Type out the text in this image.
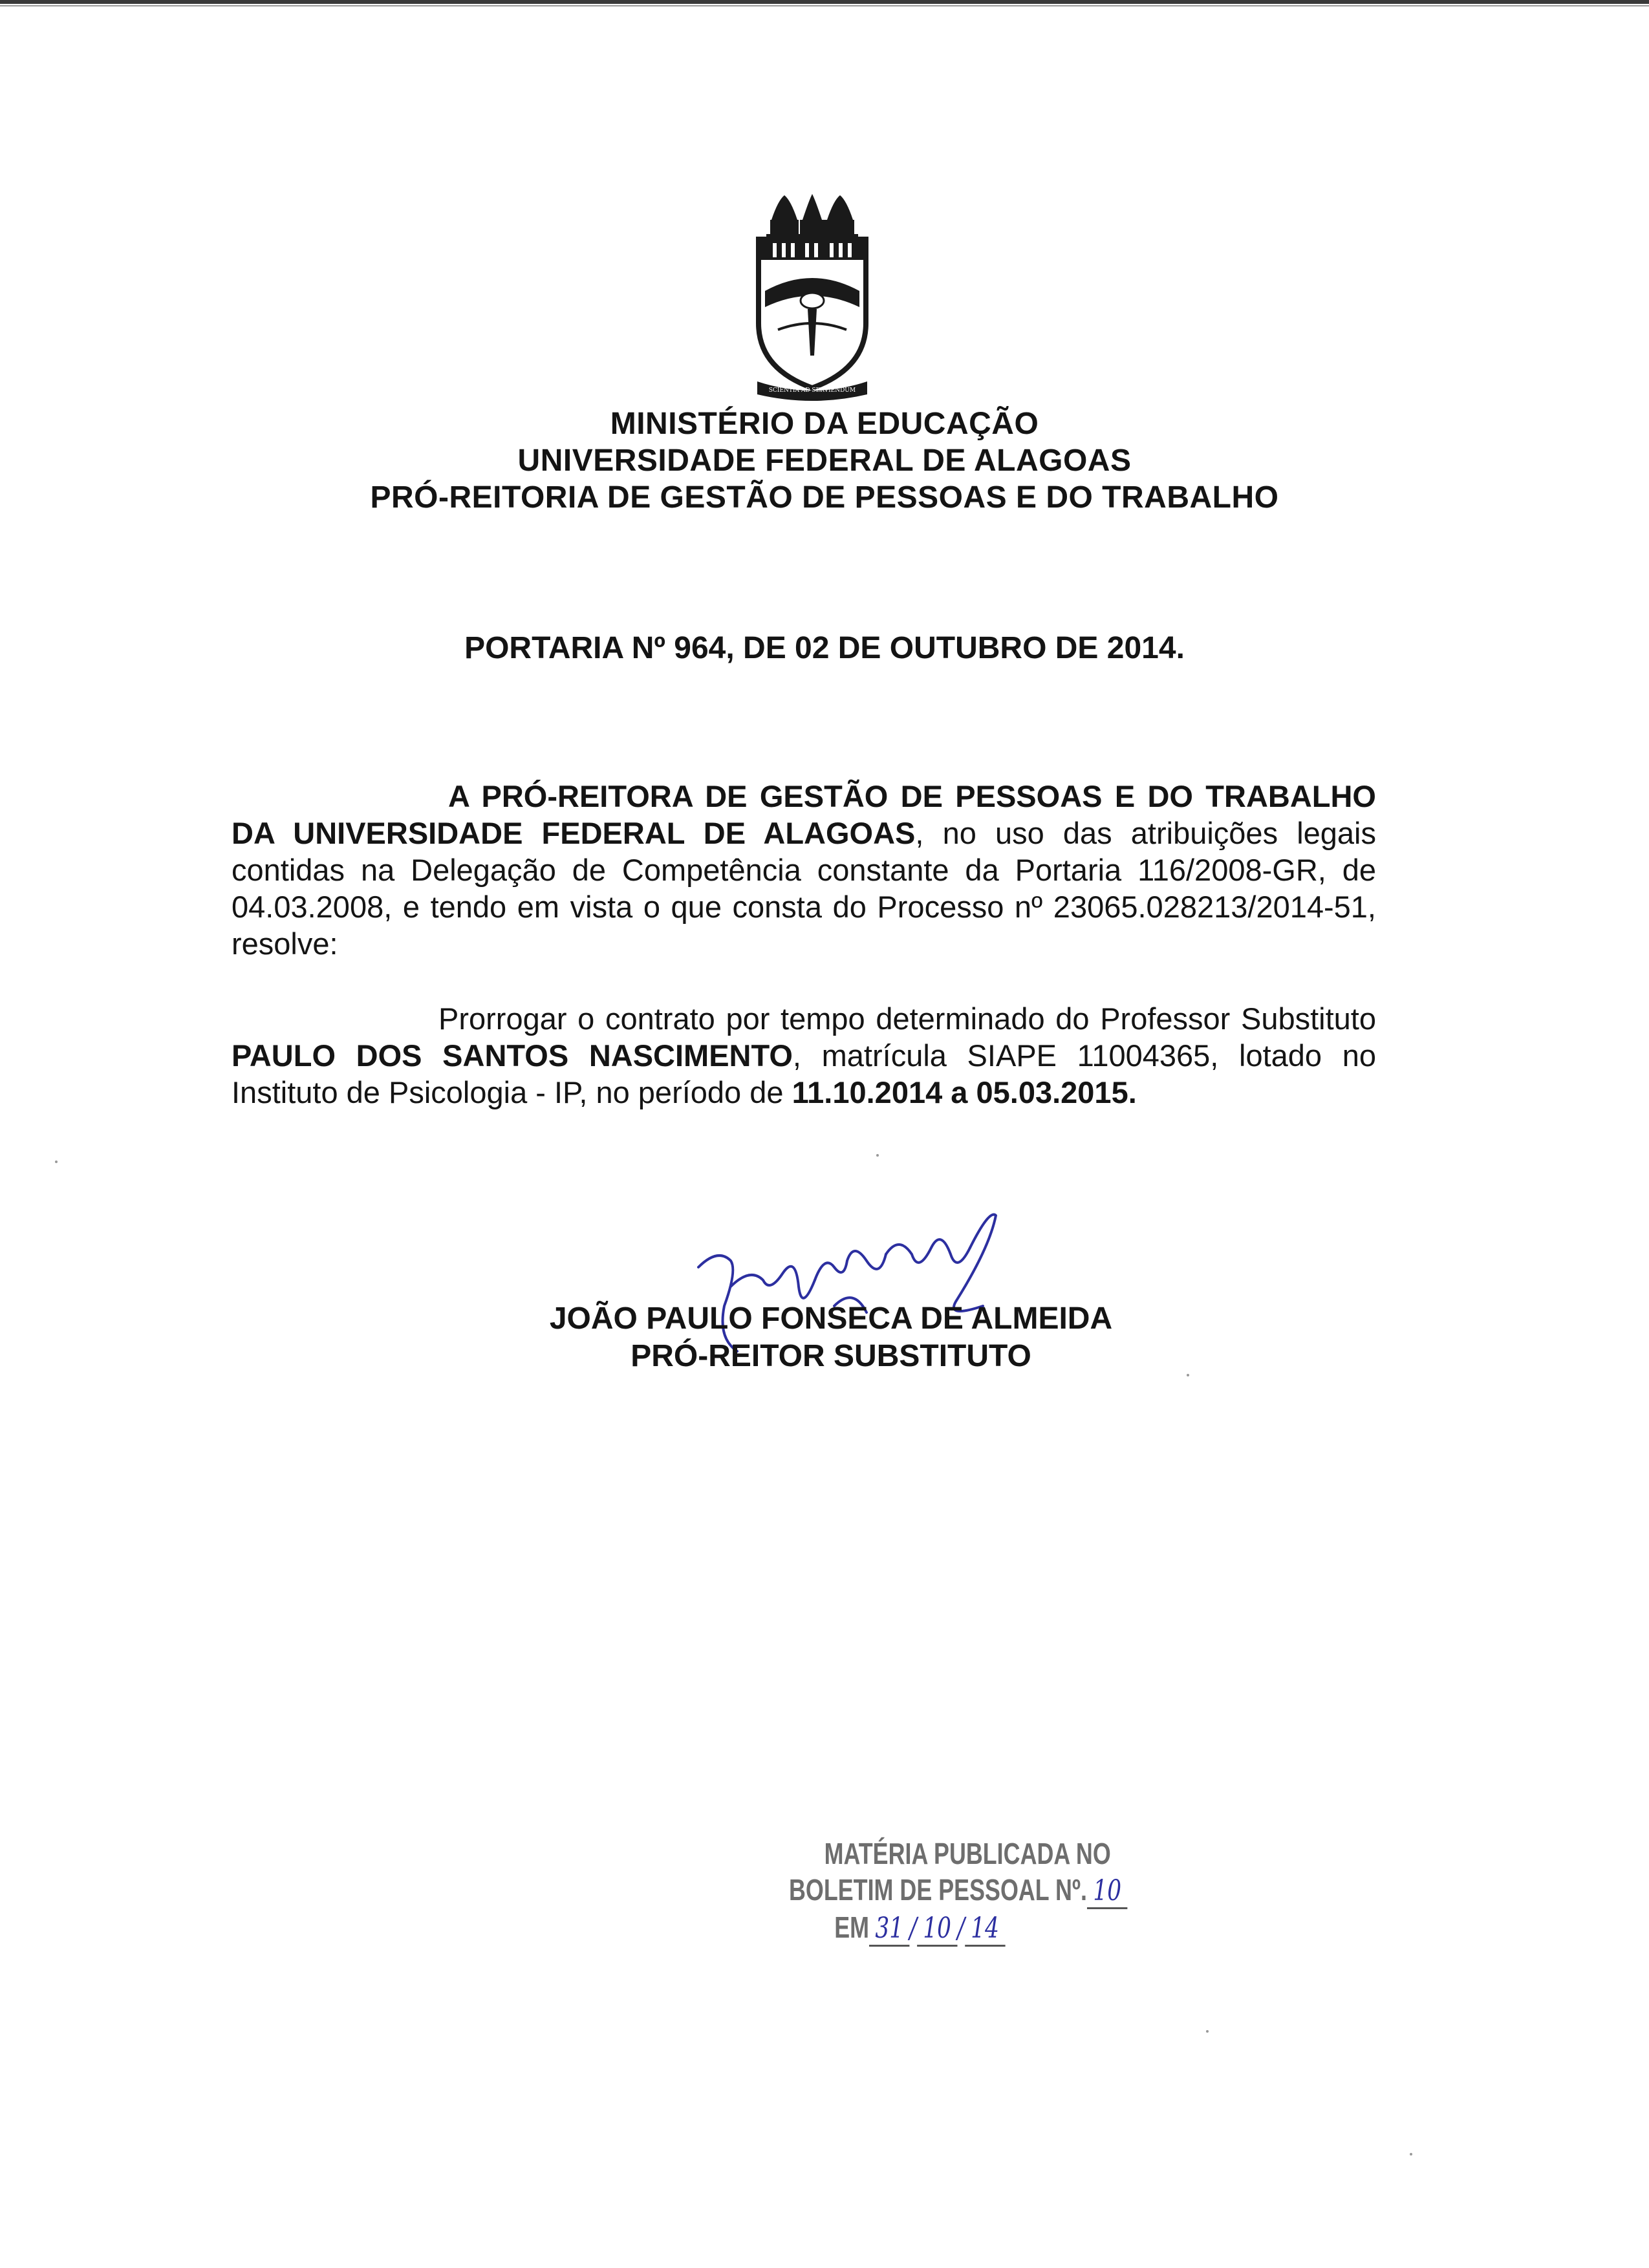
SCIENTIA AD SERVIENDUM
MINISTÉRIO DA EDUCAÇÃO
UNIVERSIDADE FEDERAL DE ALAGOAS
PRÓ-REITORIA DE GESTÃO DE PESSOAS E DO TRABALHO
PORTARIA Nº 964, DE 02 DE OUTUBRO DE 2014.
A PRÓ-REITORA DE GESTÃO DE PESSOAS E DO TRABALHO DA UNIVERSIDADE FEDERAL DE ALAGOAS, no uso das atribuições legais contidas na Delegação de Competência constante da Portaria 116/2008-GR, de 04.03.2008, e tendo em vista o que consta do Processo nº 23065.028213/2014-51, resolve:
Prorrogar o contrato por tempo determinado do Professor Substituto PAULO DOS SANTOS NASCIMENTO, matrícula SIAPE 11004365, lotado no Instituto de Psicologia - IP, no período de 11.10.2014 a 05.03.2015.
JOÃO PAULO FONSECA DE ALMEIDA
PRÓ-REITOR SUBSTITUTO
MATÉRIA PUBLICADA NO
BOLETIM DE PESSOAL Nº. 10
EM 31 / 10 / 14
